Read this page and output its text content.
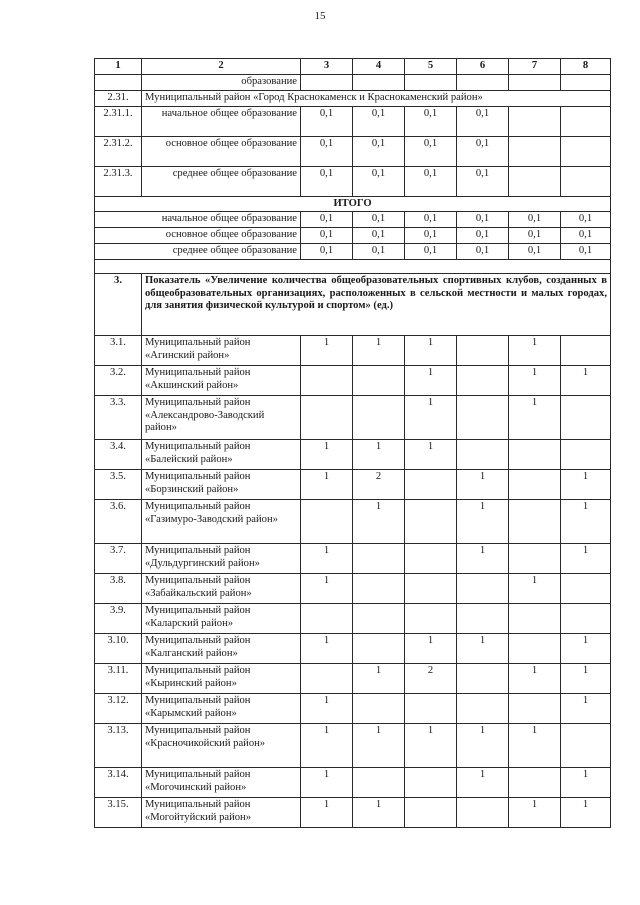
15
1	2	3	4	5	6	7	8
	образование						
2.31.	Муниципальный район «Город Краснокаменск и Краснокаменский район»						
2.31.1.	начальное общее образование	0,1	0,1	0,1	0,1		
2.31.2.	основное общее образование	0,1	0,1	0,1	0,1		
2.31.3.	среднее общее образование	0,1	0,1	0,1	0,1		
ИТОГО							
начальное общее образование		0,1	0,1	0,1	0,1	0,1	0,1
основное общее образование		0,1	0,1	0,1	0,1	0,1	0,1
среднее общее образование		0,1	0,1	0,1	0,1	0,1	0,1

3.	Показатель «Увеличение количества общеобразовательных спортивных клубов, созданных в общеобразовательных организациях, расположенных в сельской местности и малых городах, для занятия физической культурой и спортом» (ед.)						
3.1.	Муниципальный район «Агинский район»	1	1	1		1	
3.2.	Муниципальный район «Акшинский район»			1		1	1
3.3.	Муниципальный район «Александрово-Заводский район»			1		1	
3.4.	Муниципальный район «Балейский район»	1	1	1			
3.5.	Муниципальный район «Борзинский район»	1	2		1		1
3.6.	Муниципальный район «Газимуро-Заводский район»		1		1		1
3.7.	Муниципальный район «Дульдургинский район»	1			1		1
3.8.	Муниципальный район «Забайкальский район»	1				1	
3.9.	Муниципальный район «Каларский район»						
3.10.	Муниципальный район «Калганский район»	1		1	1		1
3.11.	Муниципальный район «Кыринский район»		1	2		1	1
3.12.	Муниципальный район «Карымский район»	1					1
3.13.	Муниципальный район «Красночикойский район»	1	1	1	1	1	
3.14.	Муниципальный район «Могочинский район»	1			1		1
3.15.	Муниципальный район «Могойтуйский район»	1	1			1	1
